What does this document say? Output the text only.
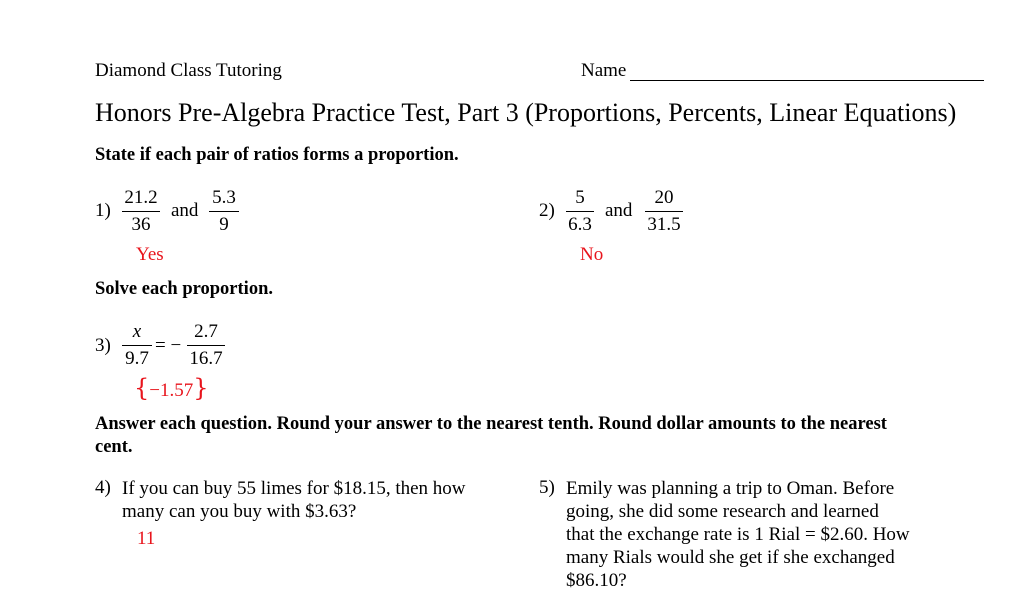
Diamond Class Tutoring	Name
Honors Pre-Algebra Practice Test, Part 3 (Proportions, Percents, Linear Equations)
State if each pair of ratios forms a proportion.
1)
21.2
36
and
5.3
9
Yes
2)
5
6.3
and
20
31.5
No
Solve each proportion.
3)
x
9.7
= −
2.7
16.7
{−1.57}
Answer each question. Round your answer to the nearest tenth. Round dollar amounts to the nearest cent.
4) If you can buy 55 limes for $18.15, then how many can you buy with $3.63?
11
5) Emily was planning a trip to Oman. Before going, she did some research and learned that the exchange rate is 1 Rial = $2.60. How many Rials would she get if she exchanged $86.10?
